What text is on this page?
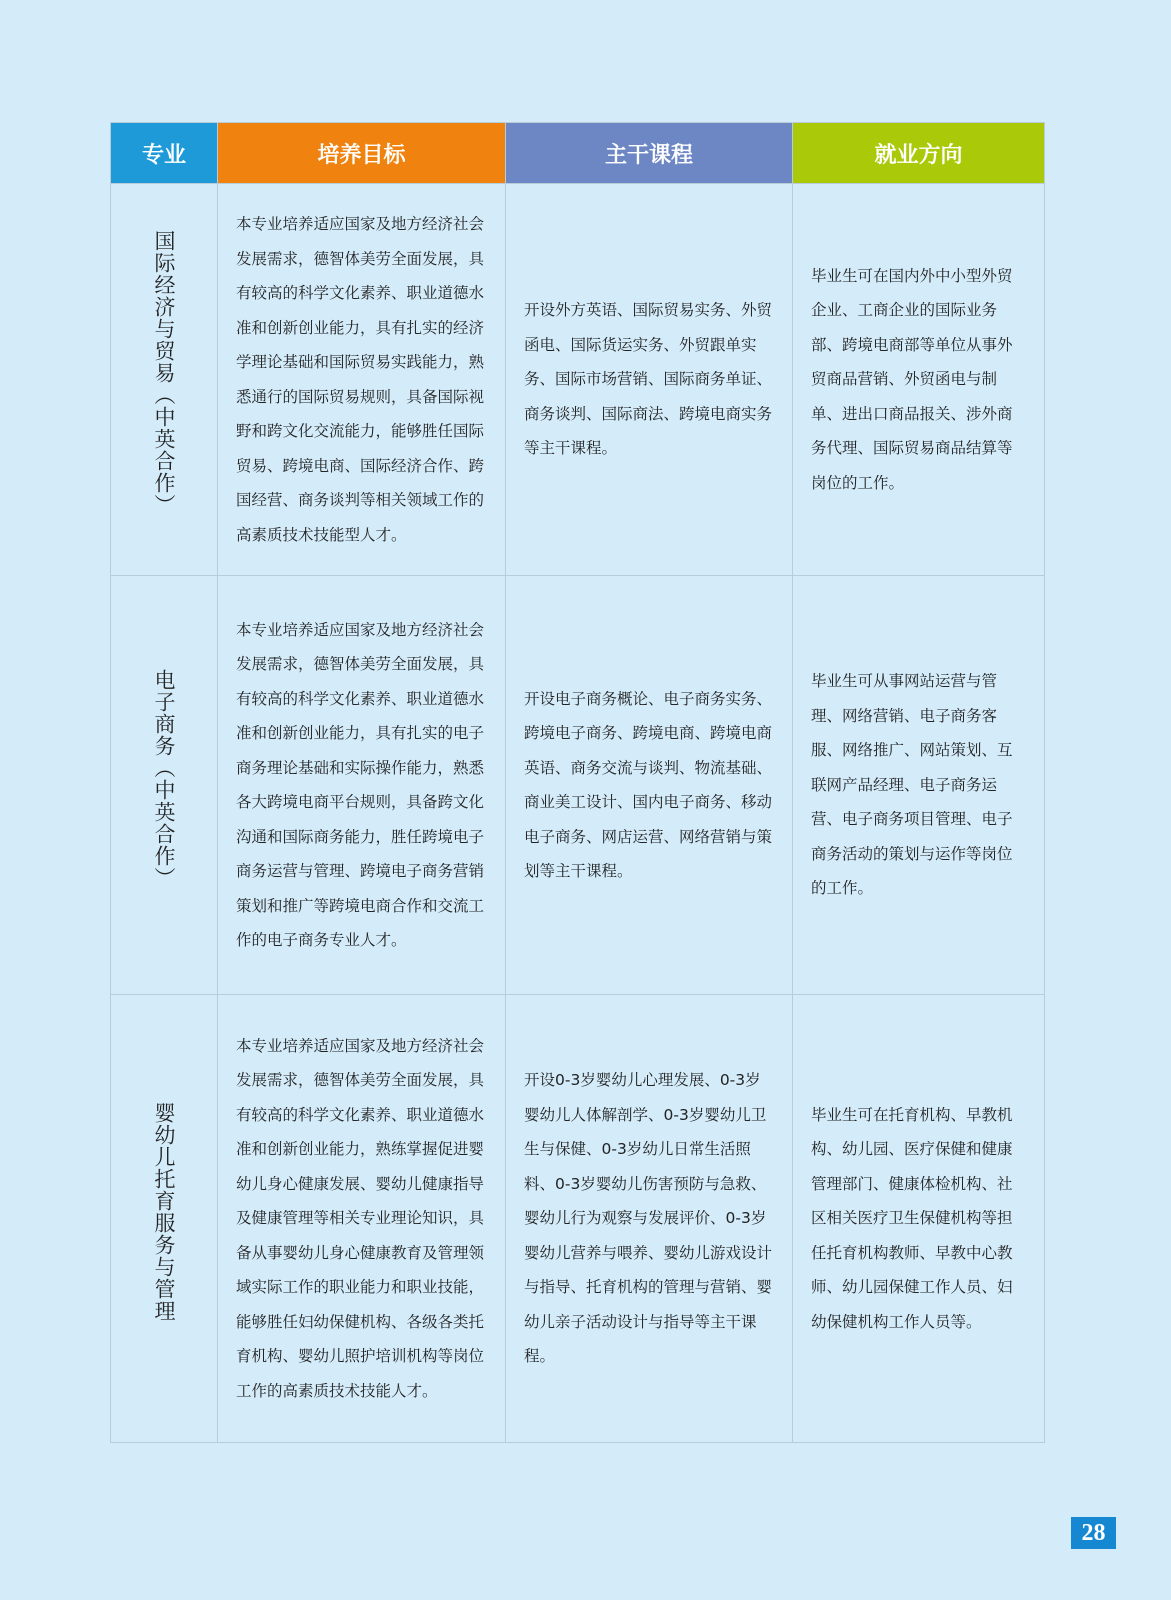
专业	培养目标	主干课程	就业方向
国际经济与贸易（中英合作）	本专业培养适应国家及地方经济社会发展需求，德智体美劳全面发展，具有较高的科学文化素养、职业道德水准和创新创业能力，具有扎实的经济学理论基础和国际贸易实践能力，熟悉通行的国际贸易规则，具备国际视野和跨文化交流能力，能够胜任国际贸易、跨境电商、国际经济合作、跨国经营、商务谈判等相关领域工作的高素质技术技能型人才。	开设外方英语、国际贸易实务、外贸函电、国际货运实务、外贸跟单实务、国际市场营销、国际商务单证、商务谈判、国际商法、跨境电商实务等主干课程。	毕业生可在国内外中小型外贸企业、工商企业的国际业务部、跨境电商部等单位从事外贸商品营销、外贸函电与制单、进出口商品报关、涉外商务代理、国际贸易商品结算等岗位的工作。
电子商务（中英合作）	本专业培养适应国家及地方经济社会发展需求，德智体美劳全面发展，具有较高的科学文化素养、职业道德水准和创新创业能力，具有扎实的电子商务理论基础和实际操作能力，熟悉各大跨境电商平台规则，具备跨文化沟通和国际商务能力，胜任跨境电子商务运营与管理、跨境电子商务营销策划和推广等跨境电商合作和交流工作的电子商务专业人才。	开设电子商务概论、电子商务实务、跨境电子商务、跨境电商、跨境电商英语、商务交流与谈判、物流基础、商业美工设计、国内电子商务、移动电子商务、网店运营、网络营销与策划等主干课程。	毕业生可从事网站运营与管理、网络营销、电子商务客服、网络推广、网站策划、互联网产品经理、电子商务运营、电子商务项目管理、电子商务活动的策划与运作等岗位的工作。
婴幼儿托育服务与管理	本专业培养适应国家及地方经济社会发展需求，德智体美劳全面发展，具有较高的科学文化素养、职业道德水准和创新创业能力，熟练掌握促进婴幼儿身心健康发展、婴幼儿健康指导及健康管理等相关专业理论知识，具备从事婴幼儿身心健康教育及管理领域实际工作的职业能力和职业技能，能够胜任妇幼保健机构、各级各类托育机构、婴幼儿照护培训机构等岗位工作的高素质技术技能人才。	开设0-3岁婴幼儿心理发展、0-3岁婴幼儿人体解剖学、0-3岁婴幼儿卫生与保健、0-3岁幼儿日常生活照料、0-3岁婴幼儿伤害预防与急救、婴幼儿行为观察与发展评价、0-3岁婴幼儿营养与喂养、婴幼儿游戏设计与指导、托育机构的管理与营销、婴幼儿亲子活动设计与指导等主干课程。	毕业生可在托育机构、早教机构、幼儿园、医疗保健和健康管理部门、健康体检机构、社区相关医疗卫生保健机构等担任托育机构教师、早教中心教师、幼儿园保健工作人员、妇幼保健机构工作人员等。
28
